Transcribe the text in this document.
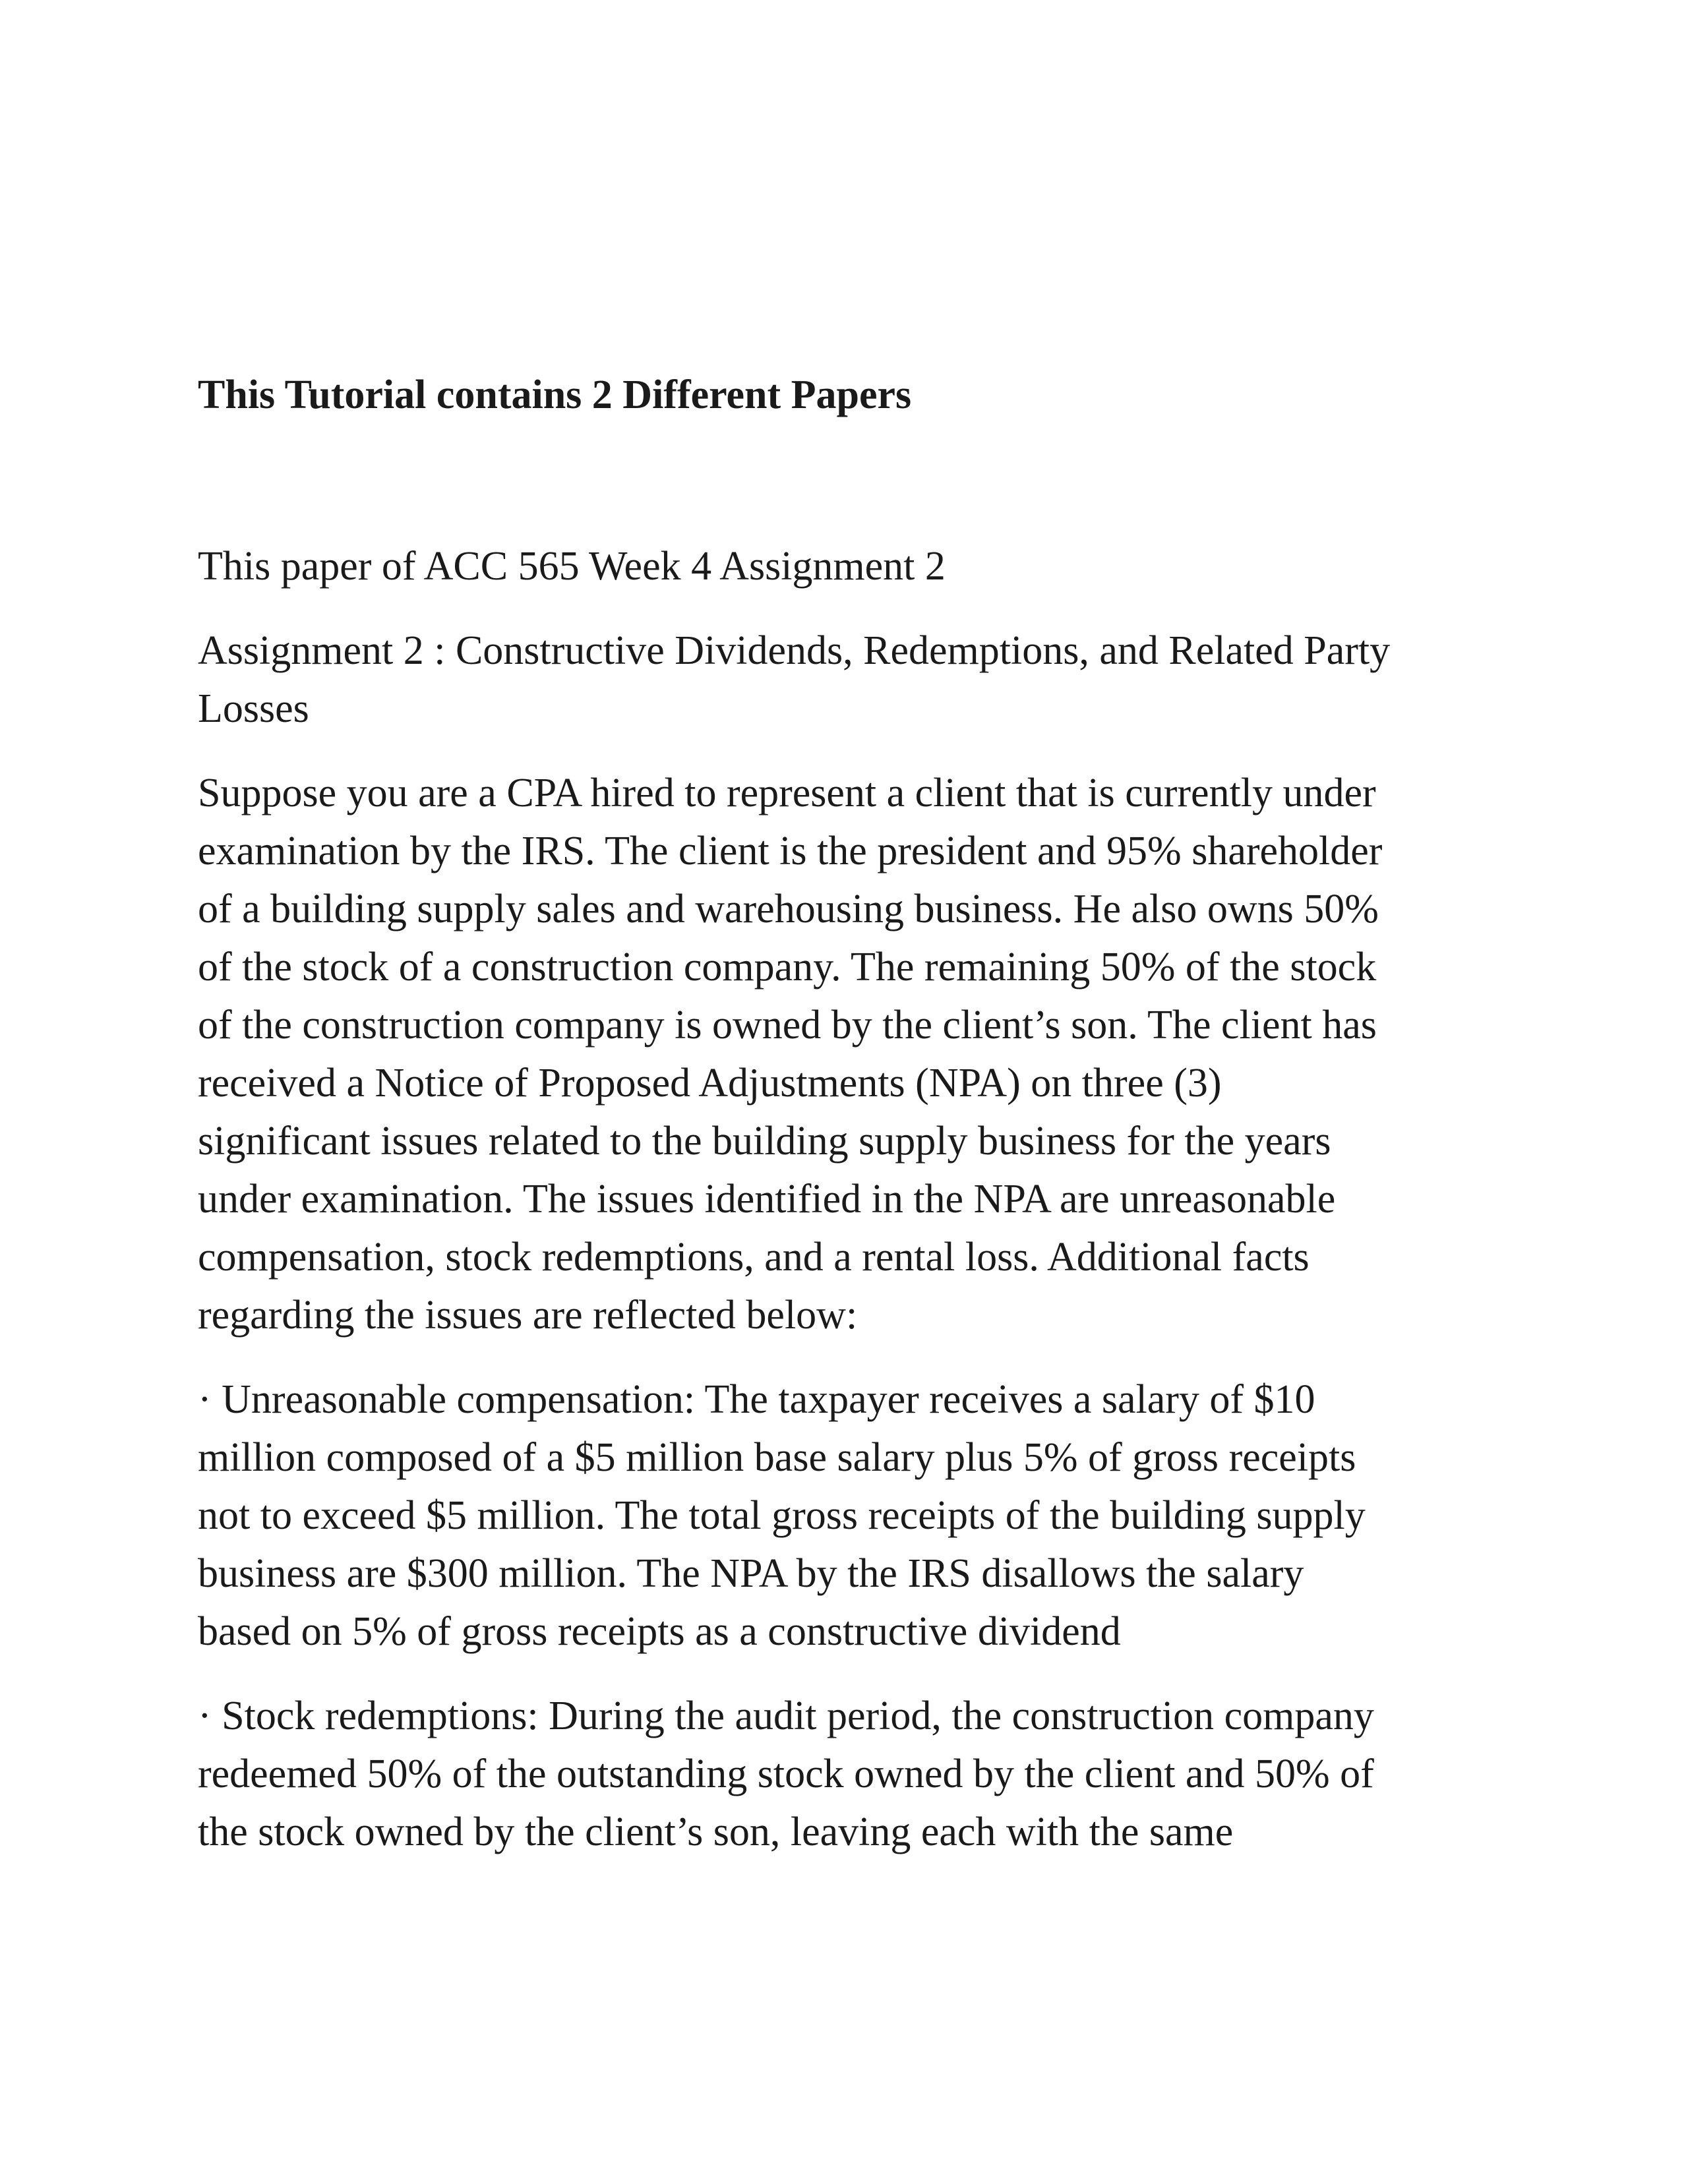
This Tutorial contains 2 Different Papers

This paper of ACC 565 Week 4 Assignment 2

Assignment 2 : Constructive Dividends, Redemptions, and Related Party
Losses

Suppose you are a CPA hired to represent a client that is currently under
examination by the IRS. The client is the president and 95% shareholder
of a building supply sales and warehousing business. He also owns 50%
of the stock of a construction company. The remaining 50% of the stock
of the construction company is owned by the client’s son. The client has
received a Notice of Proposed Adjustments (NPA) on three (3)
significant issues related to the building supply business for the years
under examination. The issues identified in the NPA are unreasonable
compensation, stock redemptions, and a rental loss. Additional facts
regarding the issues are reflected below:

· Unreasonable compensation: The taxpayer receives a salary of $10
million composed of a $5 million base salary plus 5% of gross receipts
not to exceed $5 million. The total gross receipts of the building supply
business are $300 million. The NPA by the IRS disallows the salary
based on 5% of gross receipts as a constructive dividend

· Stock redemptions: During the audit period, the construction company
redeemed 50% of the outstanding stock owned by the client and 50% of
the stock owned by the client’s son, leaving each with the same
